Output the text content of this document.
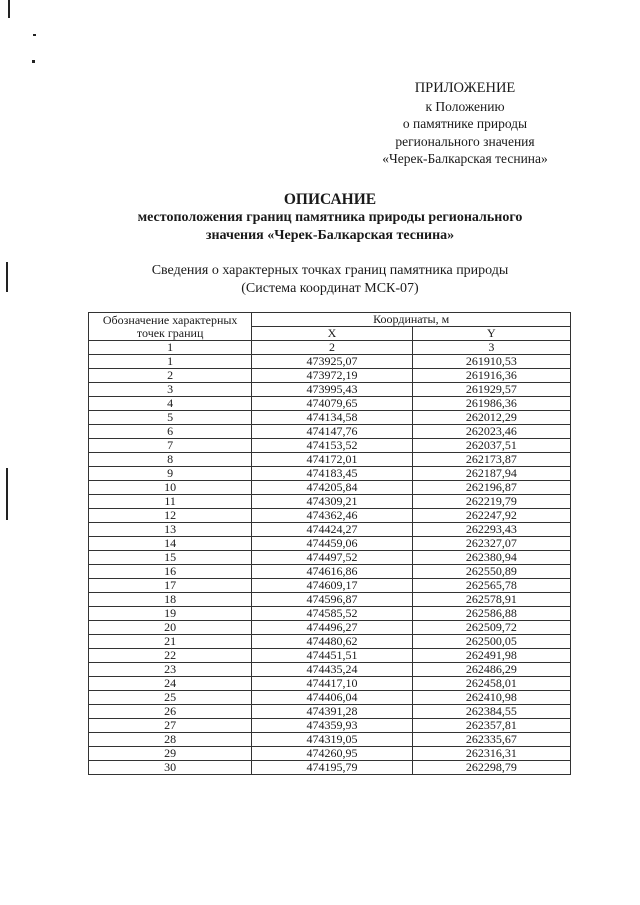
ПРИЛОЖЕНИЕ
к Положению
о памятнике природы
регионального значения
«Черек-Балкарская теснина»
ОПИСАНИЕ
местоположения границ памятника природы регионального
значения «Черек-Балкарская теснина»
Сведения о характерных точках границ памятника природы
(Система координат МСК-07)
Обозначение характерных точек границ	Координаты, м	
	X	Y
1	2	3
1	473925,07	261910,53
2	473972,19	261916,36
3	473995,43	261929,57
4	474079,65	261986,36
5	474134,58	262012,29
6	474147,76	262023,46
7	474153,52	262037,51
8	474172,01	262173,87
9	474183,45	262187,94
10	474205,84	262196,87
11	474309,21	262219,79
12	474362,46	262247,92
13	474424,27	262293,43
14	474459,06	262327,07
15	474497,52	262380,94
16	474616,86	262550,89
17	474609,17	262565,78
18	474596,87	262578,91
19	474585,52	262586,88
20	474496,27	262509,72
21	474480,62	262500,05
22	474451,51	262491,98
23	474435,24	262486,29
24	474417,10	262458,01
25	474406,04	262410,98
26	474391,28	262384,55
27	474359,93	262357,81
28	474319,05	262335,67
29	474260,95	262316,31
30	474195,79	262298,79
